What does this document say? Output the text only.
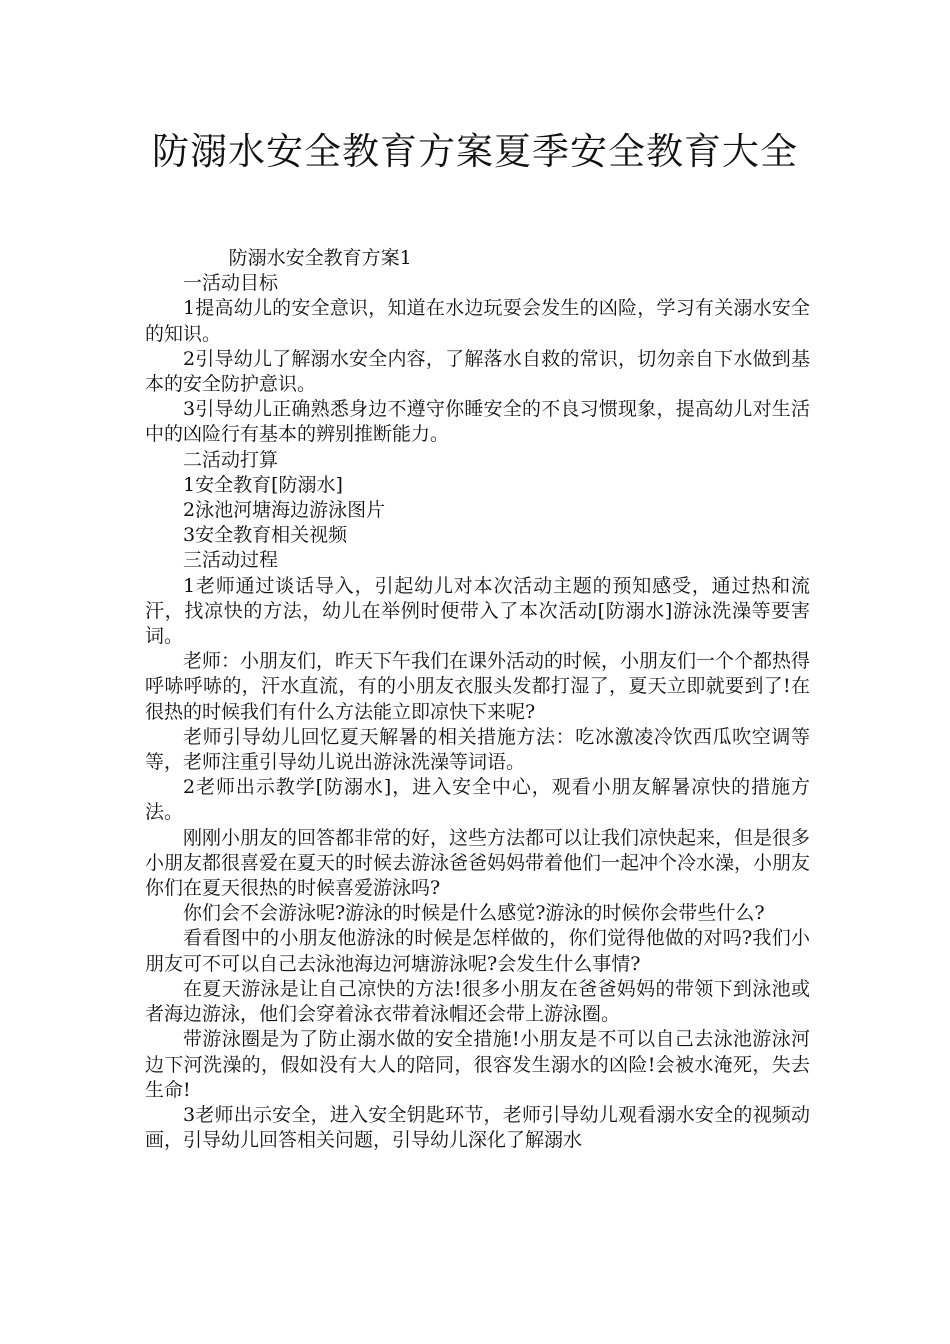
防溺水安全教育方案夏季安全教育大全

防溺水安全教育方案1

一活动目标

1提高幼儿的安全意识，知道在水边玩耍会发生的凶险，学习有关溺水安全的知识。

2引导幼儿了解溺水安全内容，了解落水自救的常识，切勿亲自下水做到基本的安全防护意识。

3引导幼儿正确熟悉身边不遵守你睡安全的不良习惯现象，提高幼儿对生活中的凶险行有基本的辨别推断能力。

二活动打算

1安全教育[防溺水]

2泳池河塘海边游泳图片

3安全教育相关视频

三活动过程

1老师通过谈话导入，引起幼儿对本次活动主题的预知感受，通过热和流汗，找凉快的方法，幼儿在举例时便带入了本次活动[防溺水]游泳洗澡等要害词。

老师：小朋友们，昨天下午我们在课外活动的时候，小朋友们一个个都热得呼哧呼哧的，汗水直流，有的小朋友衣服头发都打湿了，夏天立即就要到了!在很热的时候我们有什么方法能立即凉快下来呢?

老师引导幼儿回忆夏天解暑的相关措施方法：吃冰激凌冷饮西瓜吹空调等等，老师注重引导幼儿说出游泳洗澡等词语。

2老师出示教学[防溺水]，进入安全中心，观看小朋友解暑凉快的措施方法。

刚刚小朋友的回答都非常的好，这些方法都可以让我们凉快起来，但是很多小朋友都很喜爱在夏天的时候去游泳爸爸妈妈带着他们一起冲个冷水澡，小朋友你们在夏天很热的时候喜爱游泳吗?

你们会不会游泳呢?游泳的时候是什么感觉?游泳的时候你会带些什么?

看看图中的小朋友他游泳的时候是怎样做的，你们觉得他做的对吗?我们小朋友可不可以自己去泳池海边河塘游泳呢?会发生什么事情?

在夏天游泳是让自己凉快的方法!很多小朋友在爸爸妈妈的带领下到泳池或者海边游泳，他们会穿着泳衣带着泳帽还会带上游泳圈。

带游泳圈是为了防止溺水做的安全措施!小朋友是不可以自己去泳池游泳河边下河洗澡的，假如没有大人的陪同，很容发生溺水的凶险!会被水淹死，失去生命!

3老师出示安全，进入安全钥匙环节，老师引导幼儿观看溺水安全的视频动画，引导幼儿回答相关问题，引导幼儿深化了解溺水
